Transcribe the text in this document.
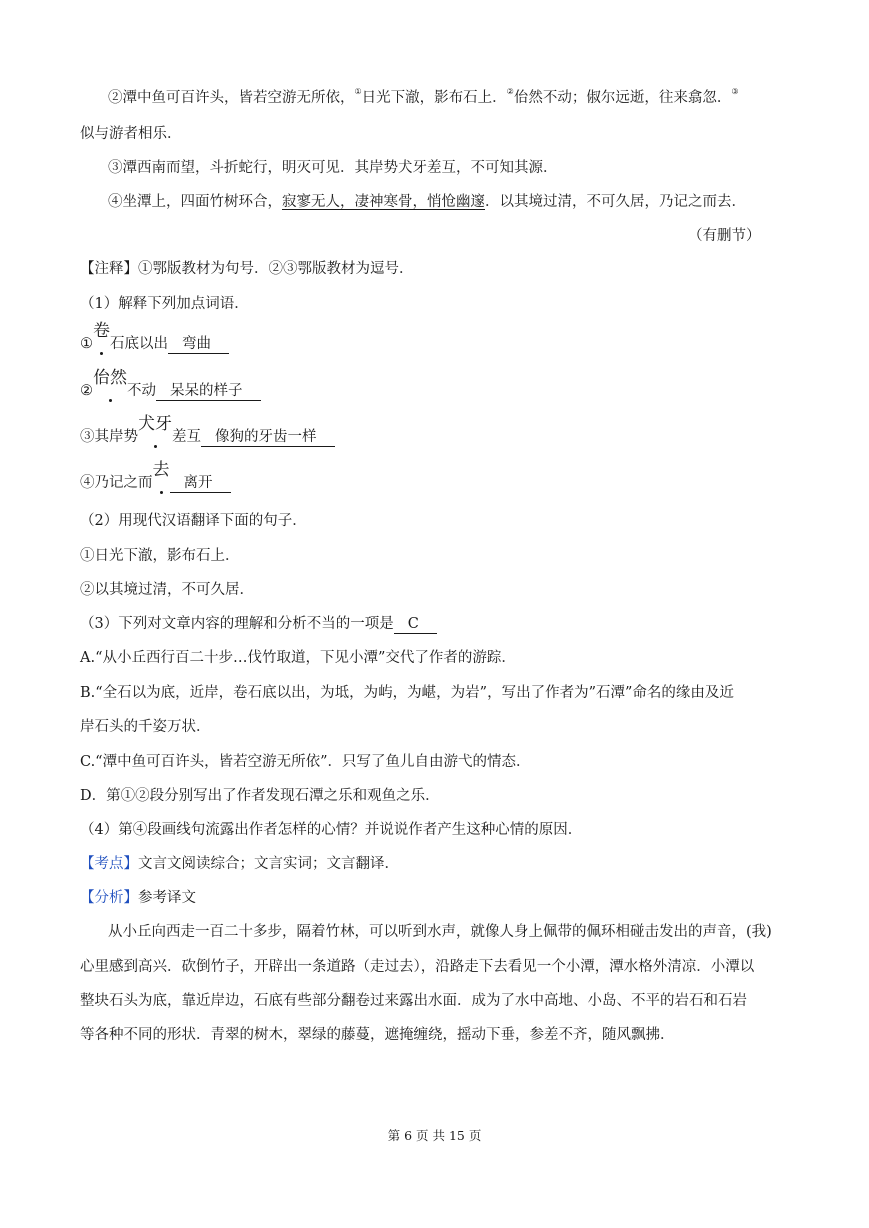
②潭中鱼可百许头，皆若空游无所依，①日光下澈，影布石上．②佁然不动；俶尔远逝，往来翕忽．③
似与游者相乐．
③潭西南而望，斗折蛇行，明灭可见．其岸势犬牙差互，不可知其源．
④坐潭上，四面竹树环合，寂寥无人，凄神寒骨，悄怆幽邃．以其境过清，不可久居，乃记之而去．
（有删节）
【注释】①鄂版教材为句号．②③鄂版教材为逗号．
（1）解释下列加点词语．
①卷石底以出 弯曲
②佁然不动 呆呆的样子
③其岸势犬牙差互 像狗的牙齿一样
④乃记之而去离开
（2）用现代汉语翻译下面的句子．
①日光下澈，影布石上．
②以其境过清，不可久居．
（3）下列对文章内容的理解和分析不当的一项是 C
A.“从小丘西行百二十步…伐竹取道，下见小潭”交代了作者的游踪．
B.“全石以为底，近岸，卷石底以出，为坻，为屿，为嵁，为岩”，写出了作者为”石潭”命名的缘由及近
岸石头的千姿万状．
C.“潭中鱼可百许头，皆若空游无所依”．只写了鱼儿自由游弋的情态．
D．第①②段分别写出了作者发现石潭之乐和观鱼之乐．
（4）第④段画线句流露出作者怎样的心情？并说说作者产生这种心情的原因．
【考点】文言文阅读综合；文言实词；文言翻译．
【分析】参考译文
从小丘向西走一百二十多步，隔着竹林，可以听到水声，就像人身上佩带的佩环相碰击发出的声音，(我)
心里感到高兴．砍倒竹子，开辟出一条道路（走过去），沿路走下去看见一个小潭，潭水格外清凉．小潭以
整块石头为底，靠近岸边，石底有些部分翻卷过来露出水面．成为了水中高地、小岛、不平的岩石和石岩
等各种不同的形状．青翠的树木，翠绿的藤蔓，遮掩缠绕，摇动下垂，参差不齐，随风飘拂．
第 6 页 共 15 页
